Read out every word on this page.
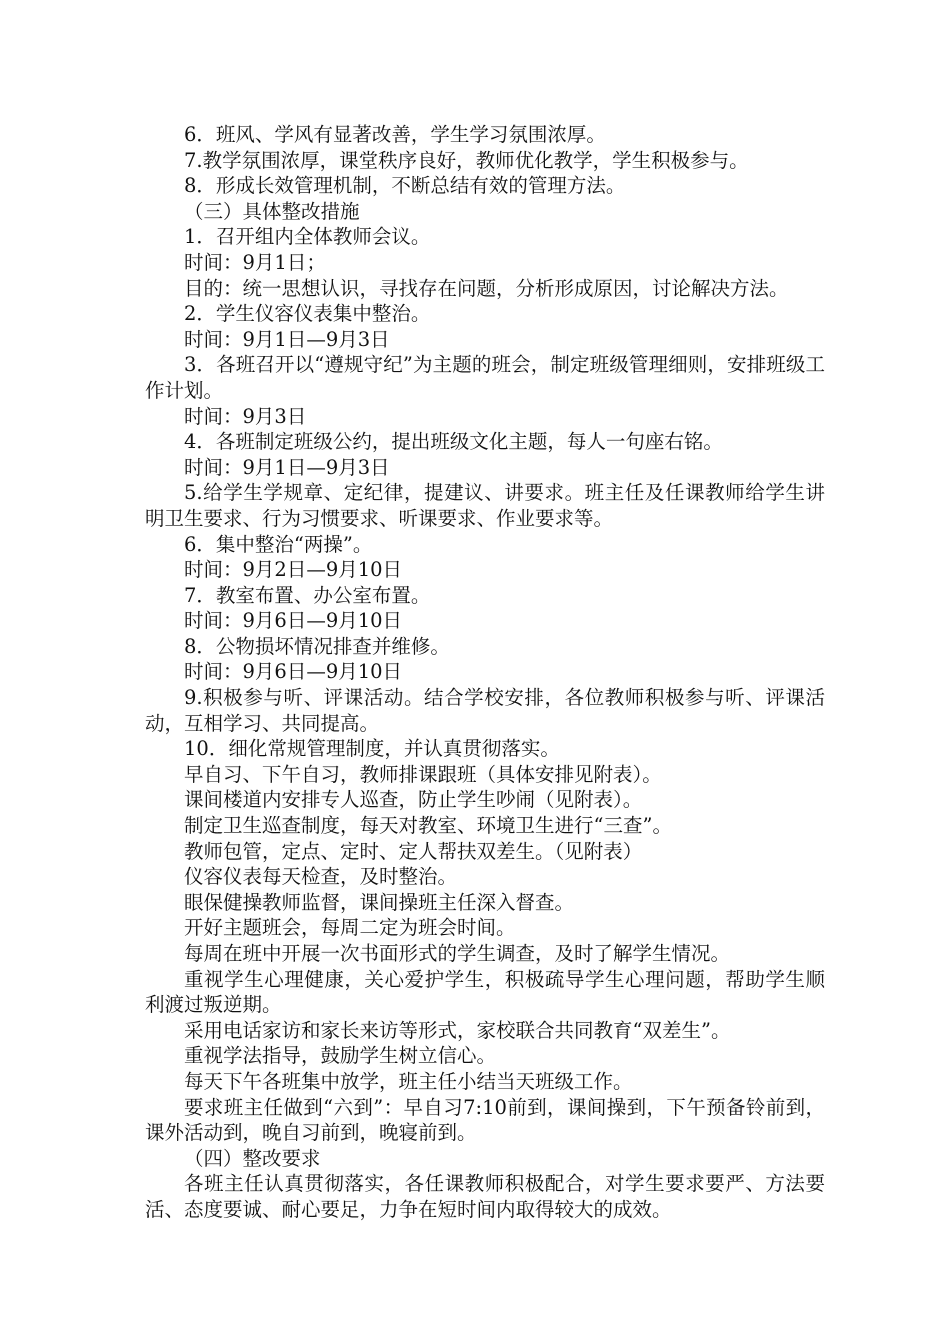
6．班风、学风有显著改善，学生学习氛围浓厚。

7.教学氛围浓厚，课堂秩序良好，教师优化教学，学生积极参与。

8．形成长效管理机制，不断总结有效的管理方法。

（三）具体整改措施

1．召开组内全体教师会议。

时间：9月1日；

目的：统一思想认识，寻找存在问题，分析形成原因，讨论解决方法。

2．学生仪容仪表集中整治。

时间：9月1日—9月3日

3．各班召开以“遵规守纪”为主题的班会，制定班级管理细则，安排班级工作计划。

时间：9月3日

4．各班制定班级公约，提出班级文化主题，每人一句座右铭。

时间：9月1日—9月3日

5.给学生学规章、定纪律，提建议、讲要求。班主任及任课教师给学生讲明卫生要求、行为习惯要求、听课要求、作业要求等。

6．集中整治“两操”。

时间：9月2日—9月10日

7．教室布置、办公室布置。

时间：9月6日—9月10日

8．公物损坏情况排查并维修。

时间：9月6日—9月10日

9.积极参与听、评课活动。结合学校安排，各位教师积极参与听、评课活动，互相学习、共同提高。

10．细化常规管理制度，并认真贯彻落实。

早自习、下午自习，教师排课跟班（具体安排见附表）。

课间楼道内安排专人巡查，防止学生吵闹（见附表）。

制定卫生巡查制度，每天对教室、环境卫生进行“三查”。

教师包管，定点、定时、定人帮扶双差生。（见附表）

仪容仪表每天检查，及时整治。

眼保健操教师监督，课间操班主任深入督查。

开好主题班会，每周二定为班会时间。

每周在班中开展一次书面形式的学生调查，及时了解学生情况。

重视学生心理健康，关心爱护学生，积极疏导学生心理问题，帮助学生顺利渡过叛逆期。

采用电话家访和家长来访等形式，家校联合共同教育“双差生”。

重视学法指导，鼓励学生树立信心。

每天下午各班集中放学，班主任小结当天班级工作。

要求班主任做到“六到”：早自习7:10前到，课间操到，下午预备铃前到，课外活动到，晚自习前到，晚寝前到。

（四）整改要求

各班主任认真贯彻落实，各任课教师积极配合，对学生要求要严、方法要活、态度要诚、耐心要足，力争在短时间内取得较大的成效。
